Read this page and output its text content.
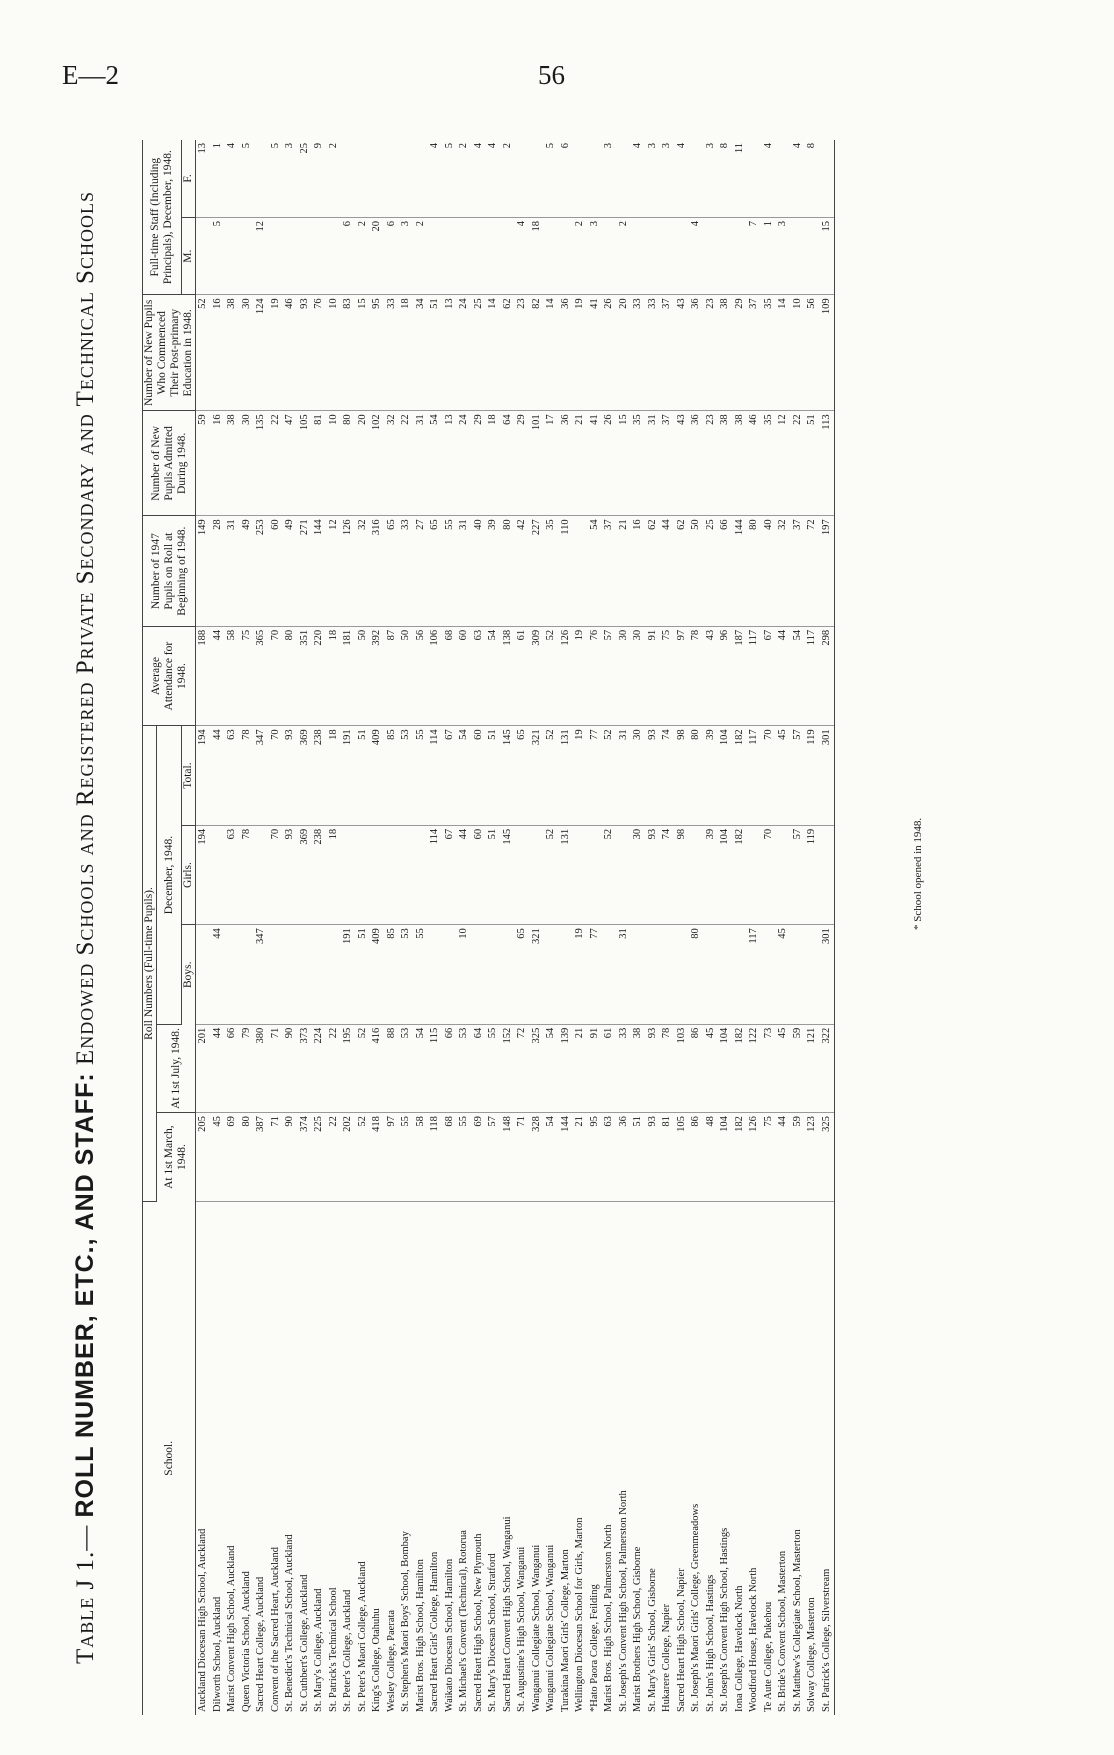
E—2	56
Table J 1.— ROLL NUMBER, ETC., AND STAFF: Endowed Schools and Registered Private Secondary and Technical Schools
School.	Roll Numbers (Full-time Pupils).					Average Attendance for 1948.	Number of 1947 Pupils on Roll at Beginning of 1948.	Number of New Pupils Admitted During 1948.	Number of New Pupils Who Commenced Their Post-primary Education in 1948.	Full-time Staff (Including Principals), December, 1948.	
	At 1st March, 1948.	At 1st July, 1948.	December, 1948.								
			Boys.	Girls.	Total.					M.	F.
Auckland Diocesan High School, Auckland	205	201		194	194	188	149	59	52		13
Dilworth School, Auckland	45	44	44		44	44	28	16	16	5	1
Marist Convent High School, Auckland	69	66		63	63	58	31	38	38		4
Queen Victoria School, Auckland	80	79		78	78	75	49	30	30		5
Sacred Heart College, Auckland	387	380	347		347	365	253	135	124	12	
Convent of the Sacred Heart, Auckland	71	71		70	70	70	60	22	19		5
St. Benedict's Technical School, Auckland	90	90		93	93	80	49	47	46		3
St. Cuthbert's College, Auckland	374	373		369	369	351	271	105	93		25
St. Mary's College, Auckland	225	224		238	238	220	144	81	76		9
St. Patrick's Technical School	22	22		18	18	18	12	10	10		2
St. Peter's College, Auckland	202	195	191		191	181	126	80	83	6	
St. Peter's Maori College, Auckland	52	52	51		51	50	32	20	15	2	
King's College, Otahuhu	418	416	409		409	392	316	102	95	20	
Wesley College, Paerata	97	88	85		85	87	65	32	33	6	
St. Stephen's Maori Boys' School, Bombay	55	53	53		53	50	33	22	18	3	
Marist Bros. High School, Hamilton	58	54	55		55	56	27	31	34	2	
Sacred Heart Girls' College, Hamilton	118	115		114	114	106	65	54	51		4
Waikato Diocesan School, Hamilton	68	66		67	67	68	55	13	13		5
St. Michael's Convent (Technical), Rotorua	55	53	10	44	54	60	31	24	24		2
Sacred Heart High School, New Plymouth	69	64		60	60	63	40	29	25		4
St. Mary's Diocesan School, Stratford	57	55		51	51	54	39	18	14		4
Sacred Heart Convent High School, Wanganui	148	152		145	145	138	80	64	62		2
St. Augustine's High School, Wanganui	71	72	65		65	61	42	29	23	4	
Wanganui Collegiate School, Wanganui	328	325	321		321	309	227	101	82	18	
Wanganui Collegiate School, Wanganui	54	54		52	52	52	35	17	14		5
Turakina Maori Girls' College, Marton	144	139		131	131	126	110	36	36		6
Wellington Diocesan School for Girls, Marton	21	21	19		19	19		21	19	2	
*Hato Paora College, Feilding	95	91	77		77	76	54	41	41	3	
Marist Bros. High School, Palmerston North	63	61		52	52	57	37	26	26		3
St. Joseph's Convent High School, Palmerston North	36	33	31		31	30	21	15	20	2	
Marist Brothers High School, Gisborne	51	38		30	30	30	16	35	33		4
St. Mary's Girls' School, Gisborne	93	93		93	93	91	62	31	33		3
Hukarere College, Napier	81	78		74	74	75	44	37	37		3
Sacred Heart High School, Napier	105	103		98	98	97	62	43	43		4
St. Joseph's Maori Girls' College, Greenmeadows	86	86	80		80	78	50	36	36	4	
St. John's High School, Hastings	48	45		39	39	43	25	23	23		3
St. Joseph's Convent High School, Hastings	104	104		104	104	96	66	38	38		8
Iona College, Havelock North	182	182		182	182	187	144	38	29		11
Woodford House, Havelock North	126	122	117		117	117	80	46	37	7	
Te Aute College, Pukehou	75	73		70	70	67	40	35	35	1	4
St. Bride's Convent School, Masterton	44	45	45		45	44	32	12	14	3	
St. Matthew's Collegiate School, Masterton	59	59		57	57	54	37	22	10		4
Solway College, Masterton	123	121		119	119	117	72	51	56		8
St. Patrick's College, Silverstream	325	322	301		301	298	197	113	109	15	
* School opened in 1948.
